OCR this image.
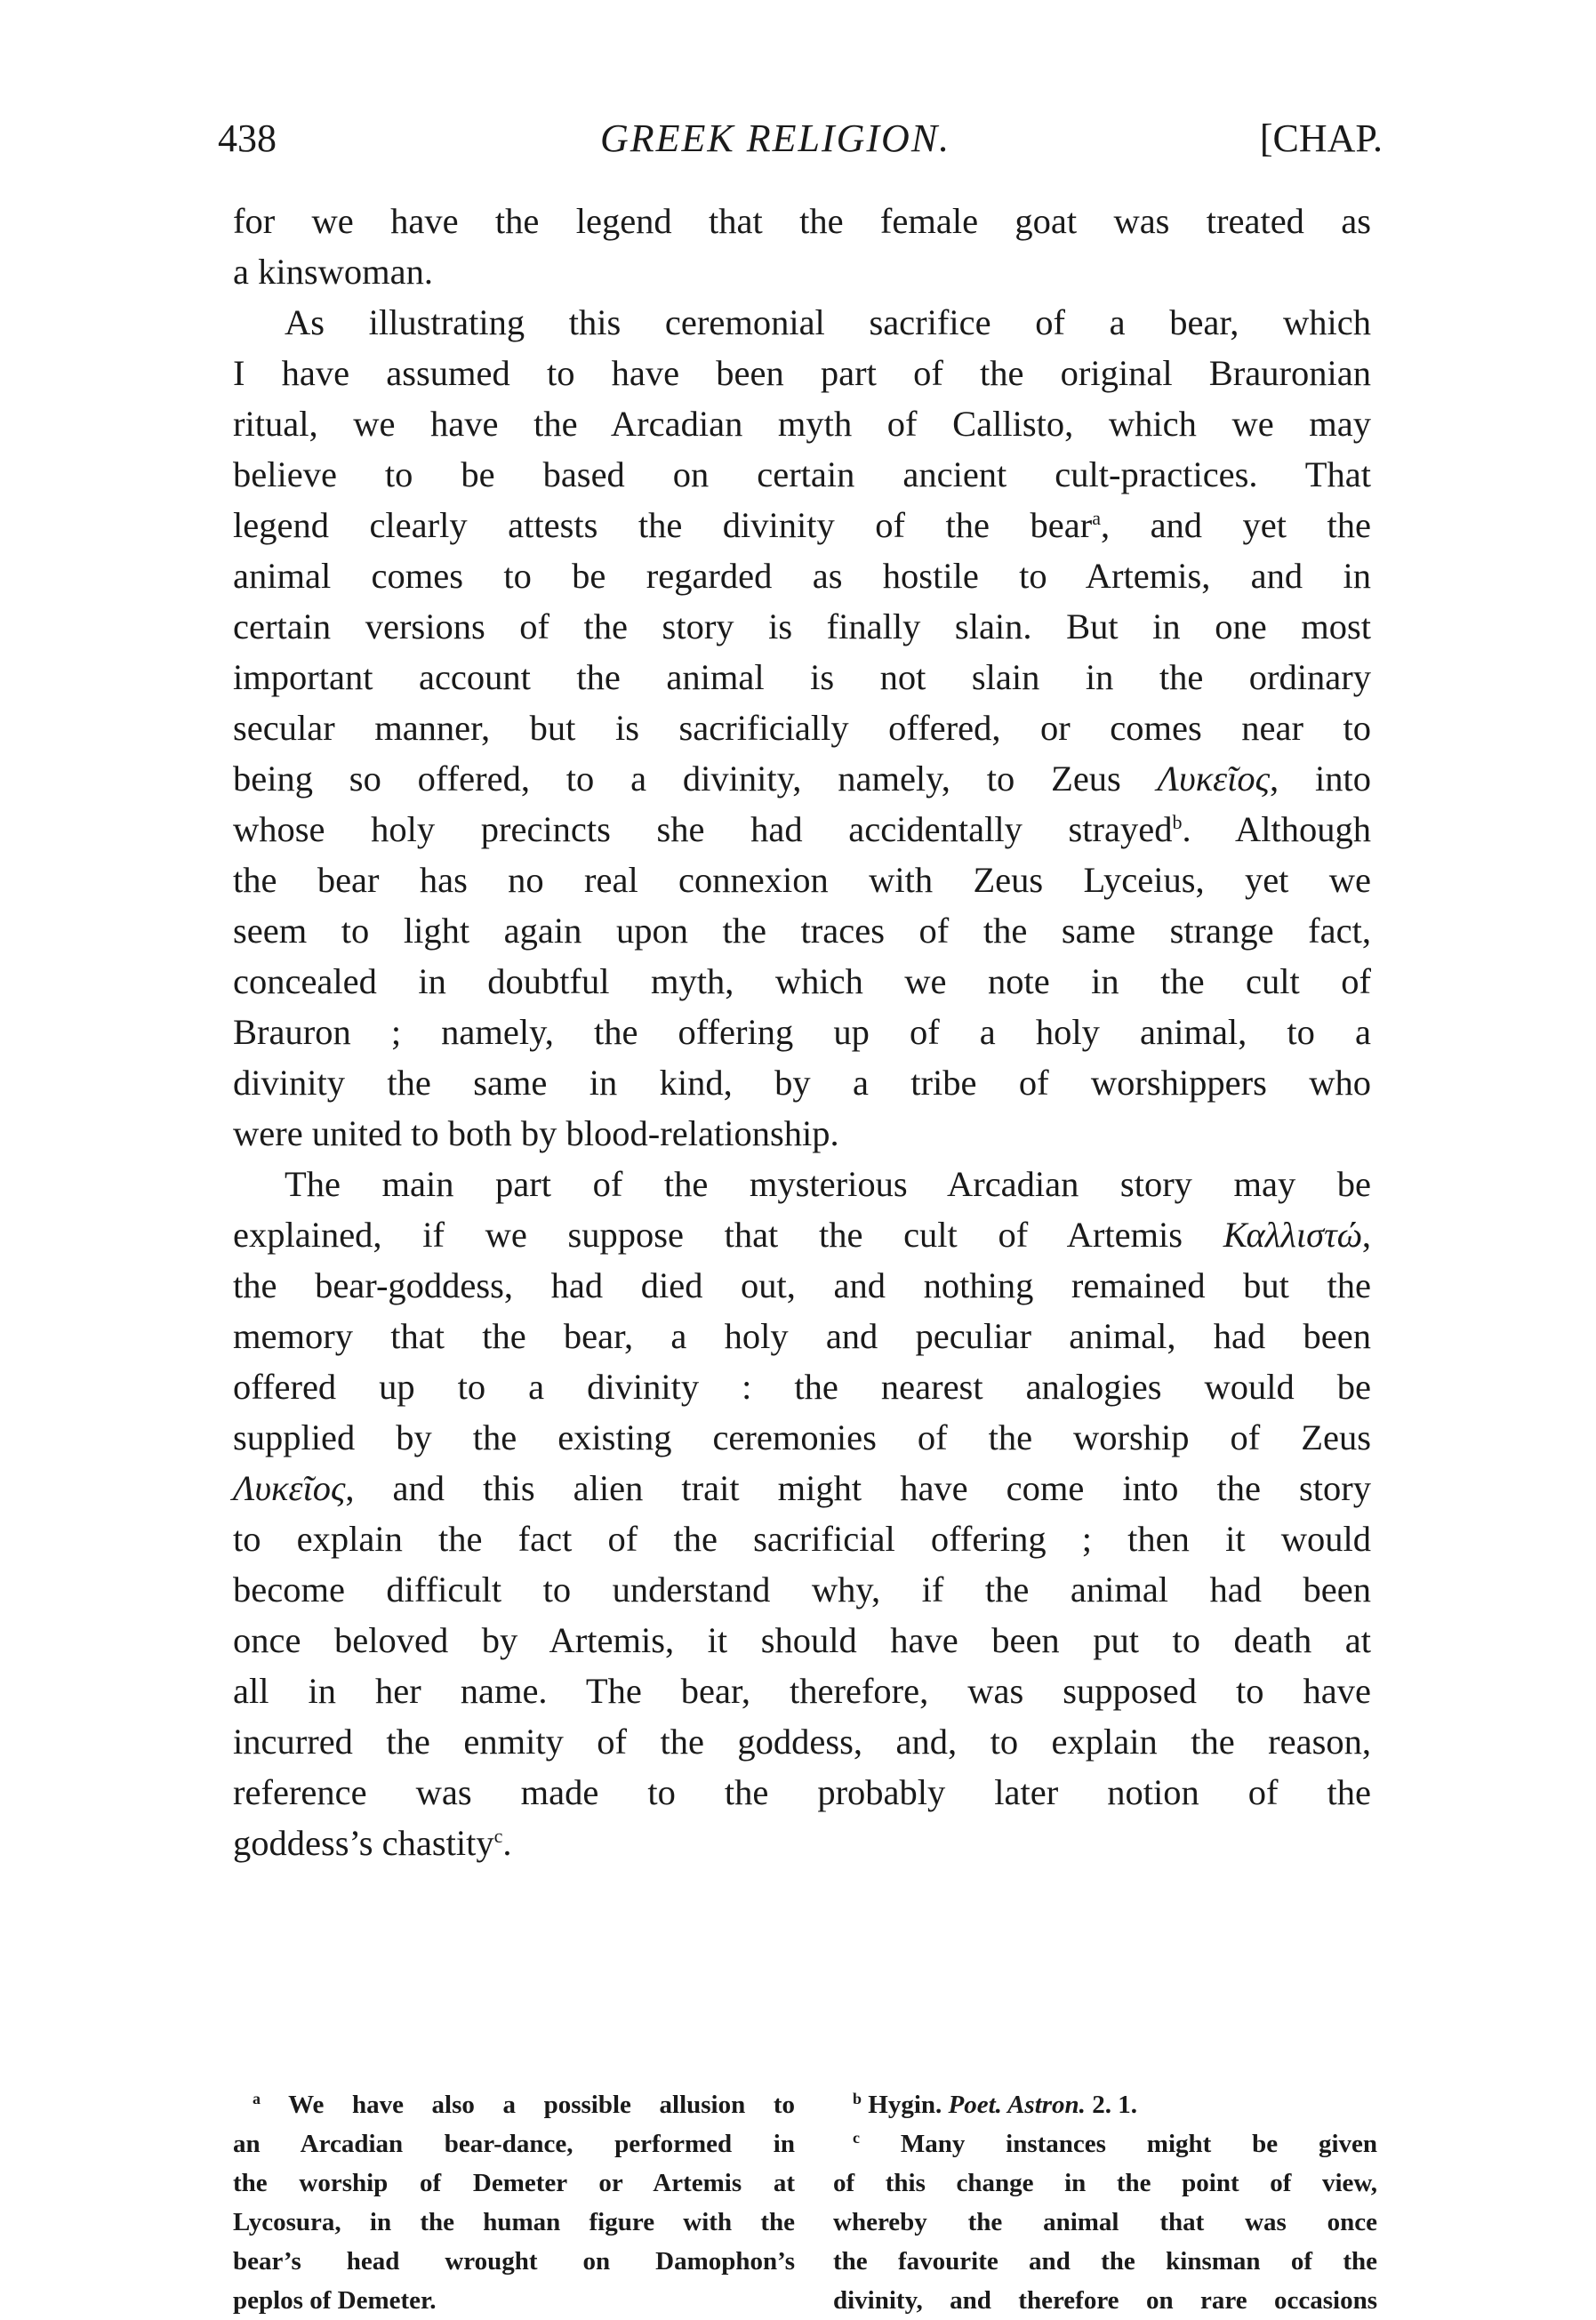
438	GREEK RELIGION.	[CHAP.
for we have the legend that the female goat was treated as
a kinswoman.
As illustrating this ceremonial sacrifice of a bear, which
I have assumed to have been part of the original Brauronian
ritual, we have the Arcadian myth of Callisto, which we may
believe to be based on certain ancient cult-practices. That
legend clearly attests the divinity of the bear$^a$, and yet the
animal comes to be regarded as hostile to Artemis, and in
certain versions of the story is finally slain. But in one most
important account the animal is not slain in the ordinary
secular manner, but is sacrificially offered, or comes near to
being so offered, to a divinity, namely, to Zeus Λυκεῖος, into
whose holy precincts she had accidentally strayed$^b$. Although
the bear has no real connexion with Zeus Lyceius, yet we
seem to light again upon the traces of the same strange fact,
concealed in doubtful myth, which we note in the cult of
Brauron ; namely, the offering up of a holy animal, to a
divinity the same in kind, by a tribe of worshippers who
were united to both by blood-relationship.
The main part of the mysterious Arcadian story may be
explained, if we suppose that the cult of Artemis Καλλιστώ,
the bear-goddess, had died out, and nothing remained but the
memory that the bear, a holy and peculiar animal, had been
offered up to a divinity : the nearest analogies would be
supplied by the existing ceremonies of the worship of Zeus
Λυκεῖος, and this alien trait might have come into the story
to explain the fact of the sacrificial offering ; then it would
become difficult to understand why, if the animal had been
once beloved by Artemis, it should have been put to death at
all in her name. The bear, therefore, was supposed to have
incurred the enmity of the goddess, and, to explain the reason,
reference was made to the probably later notion of the
goddess’s chastity$^c$.
$^a$ We have also a possible allusion to
an Arcadian bear-dance, performed in
the worship of Demeter or Artemis at
Lycosura, in the human figure with the
bear’s head wrought on Damophon’s
peplos of Demeter.
$^b$ Hygin. Poet. Astron. 2. 1.
$^c$ Many instances might be given
of this change in the point of view,
whereby the animal that was once
the favourite and the kinsman of the
divinity, and therefore on rare occasions
